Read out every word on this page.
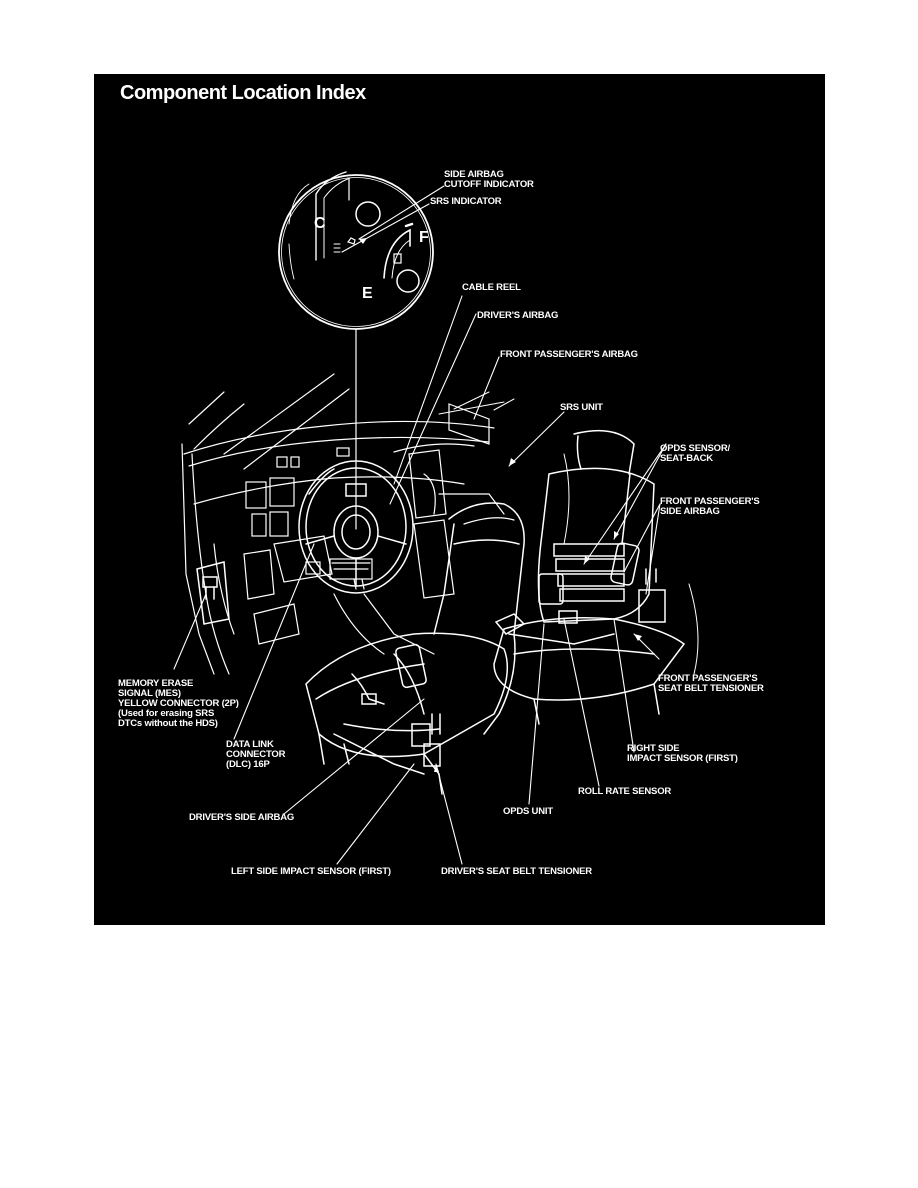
Component Location Index
C
E
F
SIDE AIRBAG
CUTOFF INDICATOR
SRS INDICATOR
CABLE REEL
DRIVER'S AIRBAG
FRONT PASSENGER'S AIRBAG
SRS UNIT
OPDS SENSOR/
SEAT-BACK
FRONT PASSENGER'S
SIDE AIRBAG
MEMORY ERASE
SIGNAL (MES)
YELLOW CONNECTOR (2P)
(Used for erasing SRS
DTCs without the HDS)
FRONT PASSENGER'S
SEAT BELT TENSIONER
DATA LINK
CONNECTOR
(DLC) 16P
RIGHT SIDE
IMPACT SENSOR (FIRST)
ROLL RATE SENSOR
OPDS UNIT
DRIVER'S SIDE AIRBAG
LEFT SIDE IMPACT SENSOR (FIRST)	DRIVER'S SEAT BELT TENSIONER
